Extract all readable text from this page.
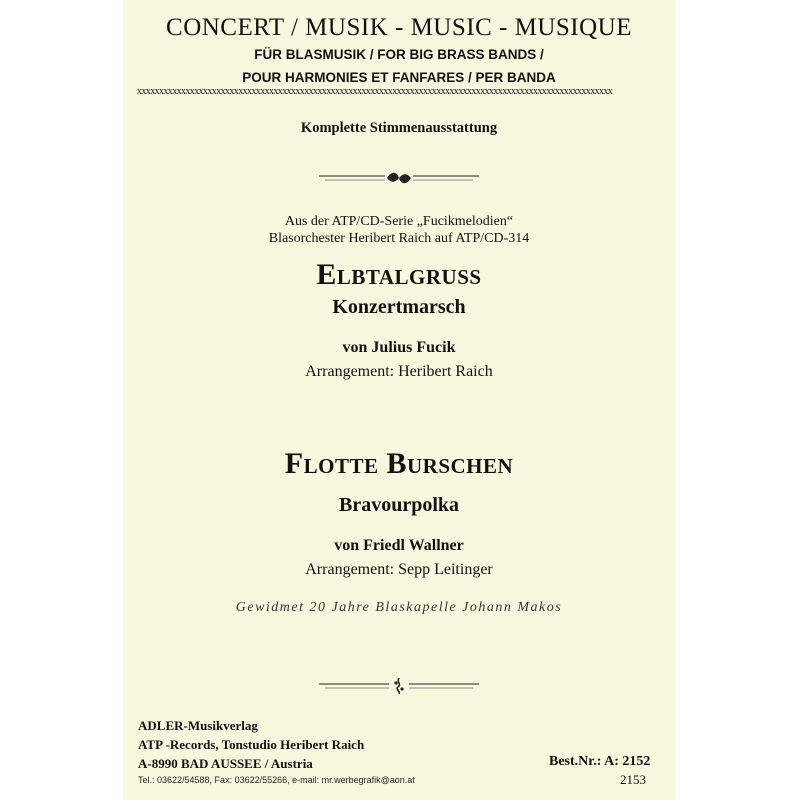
CONCERT / MUSIK - MUSIC - MUSIQUE
FÜR BLASMUSIK / FOR BIG BRASS BANDS /
POUR HARMONIES ET FANFARES / PER BANDA
xxxxxxxxxxxxxxxxxxxxxxxxxxxxxxxxxxxxxxxxxxxxxxxxxxxxxxxxxxxxxxxxxxxxxxxxxxxxxxxxxxxxxxxxxxxxxxxxxxxxxxxxxxxx
Komplette Stimmenausstattung
Aus der ATP/CD-Serie „Fucikmelodien“
Blasorchester Heribert Raich auf ATP/CD-314
Elbtalgruss
Konzertmarsch
von Julius Fucik
Arrangement: Heribert Raich
Flotte Burschen
Bravourpolka
von Friedl Wallner
Arrangement: Sepp Leitinger
Gewidmet 20 Jahre Blaskapelle Johann Makos
ADLER-Musikverlag
ATP -Records, Tonstudio Heribert Raich
A-8990 BAD AUSSEE / Austria
Tel.: 03622/54588, Fax: 03622/55266, e-mail: mr.werbegrafik@aon.at
Best.Nr.: A: 2152
2153
